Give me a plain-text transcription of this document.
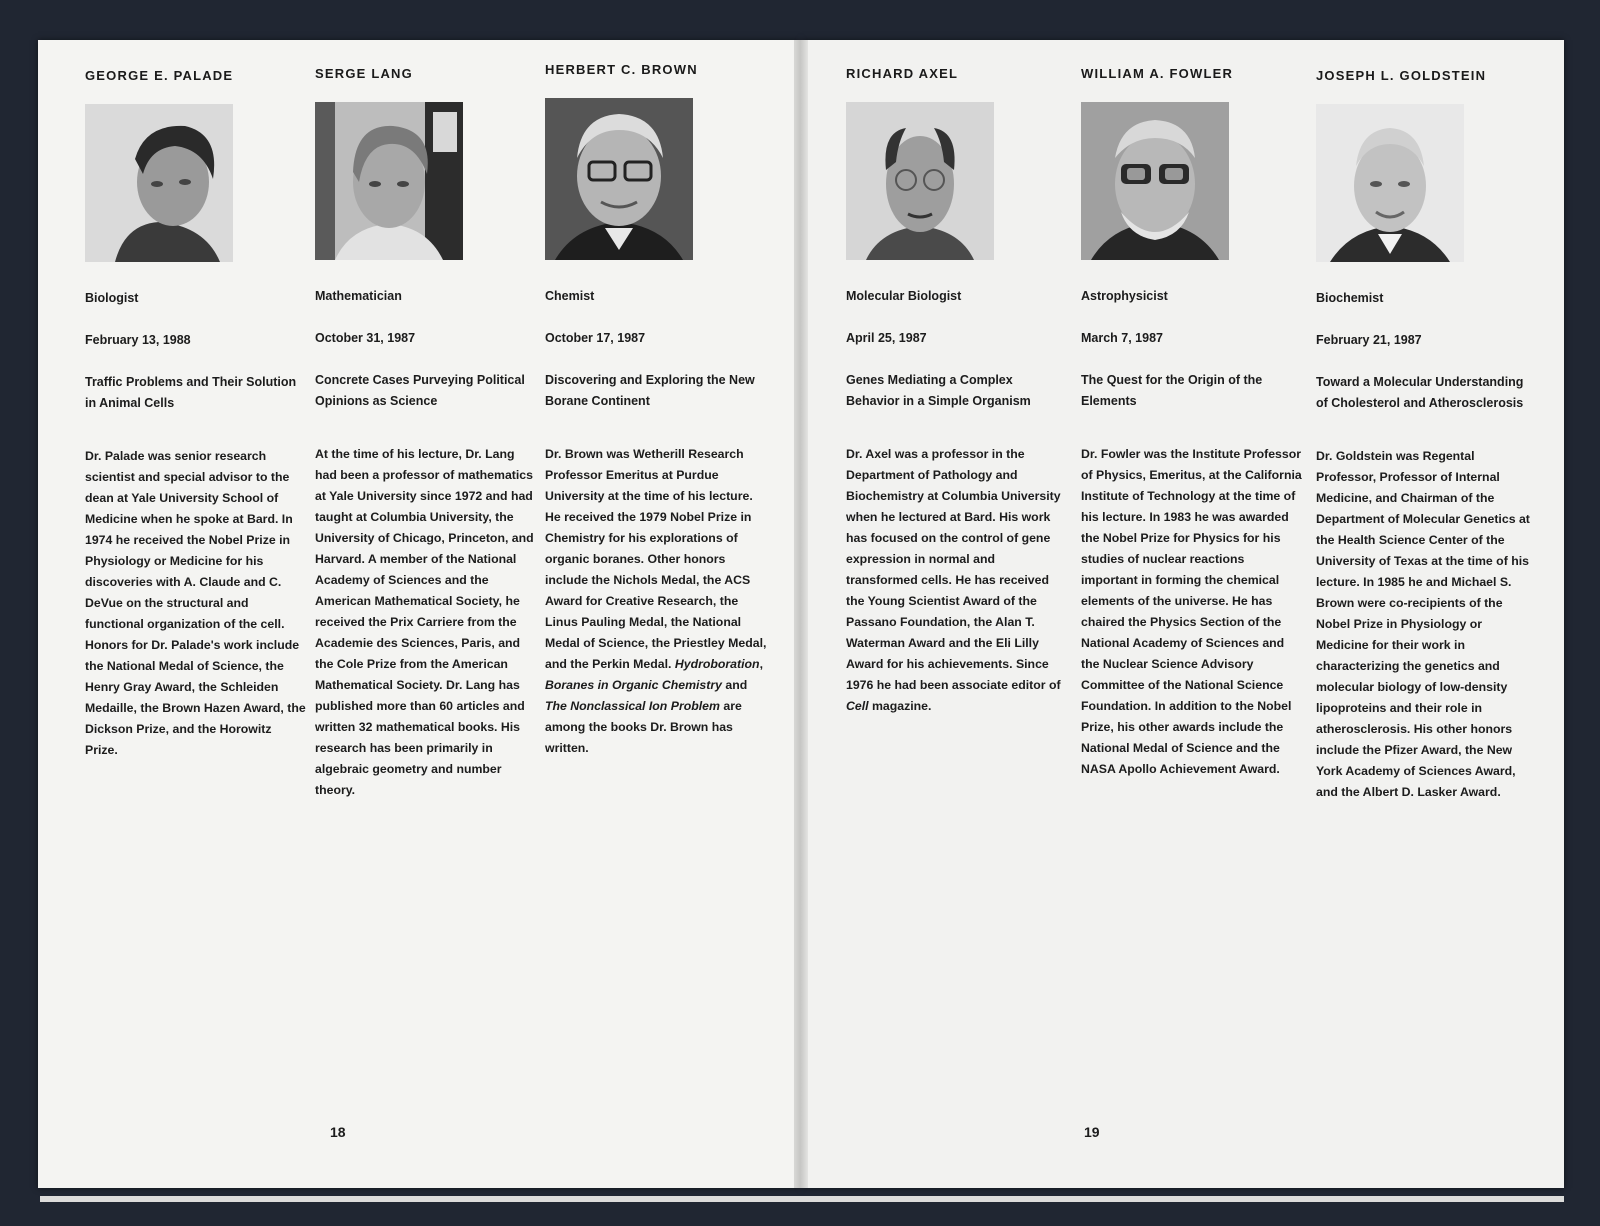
GEORGE E. PALADE
Biologist
February 13, 1988
Traffic Problems and Their Solution in Animal Cells
Dr. Palade was senior research scientist and special advisor to the dean at Yale University School of Medicine when he spoke at Bard. In 1974 he received the Nobel Prize in Physiology or Medicine for his discoveries with A. Claude and C. DeVue on the structural and functional organization of the cell. Honors for Dr. Palade's work include the National Medal of Science, the Henry Gray Award, the Schleiden Medaille, the Brown Hazen Award, the Dickson Prize, and the Horowitz Prize.
SERGE LANG
Mathematician
October 31, 1987
Concrete Cases Purveying Political Opinions as Science
At the time of his lecture, Dr. Lang had been a professor of mathematics at Yale University since 1972 and had taught at Columbia University, the University of Chicago, Princeton, and Harvard. A member of the National Academy of Sciences and the American Mathematical Society, he received the Prix Carriere from the Academie des Sciences, Paris, and the Cole Prize from the American Mathematical Society. Dr. Lang has published more than 60 articles and written 32 mathematical books. His research has been primarily in algebraic geometry and number theory.
HERBERT C. BROWN
Chemist
October 17, 1987
Discovering and Exploring the New Borane Continent
Dr. Brown was Wetherill Research Professor Emeritus at Purdue University at the time of his lecture. He received the 1979 Nobel Prize in Chemistry for his explorations of organic boranes. Other honors include the Nichols Medal, the ACS Award for Creative Research, the Linus Pauling Medal, the National Medal of Science, the Priestley Medal, and the Perkin Medal. Hydroboration, Boranes in Organic Chemistry and The Nonclassical Ion Problem are among the books Dr. Brown has written.
18
RICHARD AXEL
Molecular Biologist
April 25, 1987
Genes Mediating a Complex Behavior in a Simple Organism
Dr. Axel was a professor in the Department of Pathology and Biochemistry at Columbia University when he lectured at Bard. His work has focused on the control of gene expression in normal and transformed cells. He has received the Young Scientist Award of the Passano Foundation, the Alan T. Waterman Award and the Eli Lilly Award for his achievements. Since 1976 he had been associate editor of Cell magazine.
WILLIAM A. FOWLER
Astrophysicist
March 7, 1987
The Quest for the Origin of the Elements
Dr. Fowler was the Institute Professor of Physics, Emeritus, at the California Institute of Technology at the time of his lecture. In 1983 he was awarded the Nobel Prize for Physics for his studies of nuclear reactions important in forming the chemical elements of the universe. He has chaired the Physics Section of the National Academy of Sciences and the Nuclear Science Advisory Committee of the National Science Foundation. In addition to the Nobel Prize, his other awards include the National Medal of Science and the NASA Apollo Achievement Award.
JOSEPH L. GOLDSTEIN
Biochemist
February 21, 1987
Toward a Molecular Understanding of Cholesterol and Atherosclerosis
Dr. Goldstein was Regental Professor, Professor of Internal Medicine, and Chairman of the Department of Molecular Genetics at the Health Science Center of the University of Texas at the time of his lecture. In 1985 he and Michael S. Brown were co-recipients of the Nobel Prize in Physiology or Medicine for their work in characterizing the genetics and molecular biology of low-density lipoproteins and their role in atherosclerosis. His other honors include the Pfizer Award, the New York Academy of Sciences Award, and the Albert D. Lasker Award.
19
